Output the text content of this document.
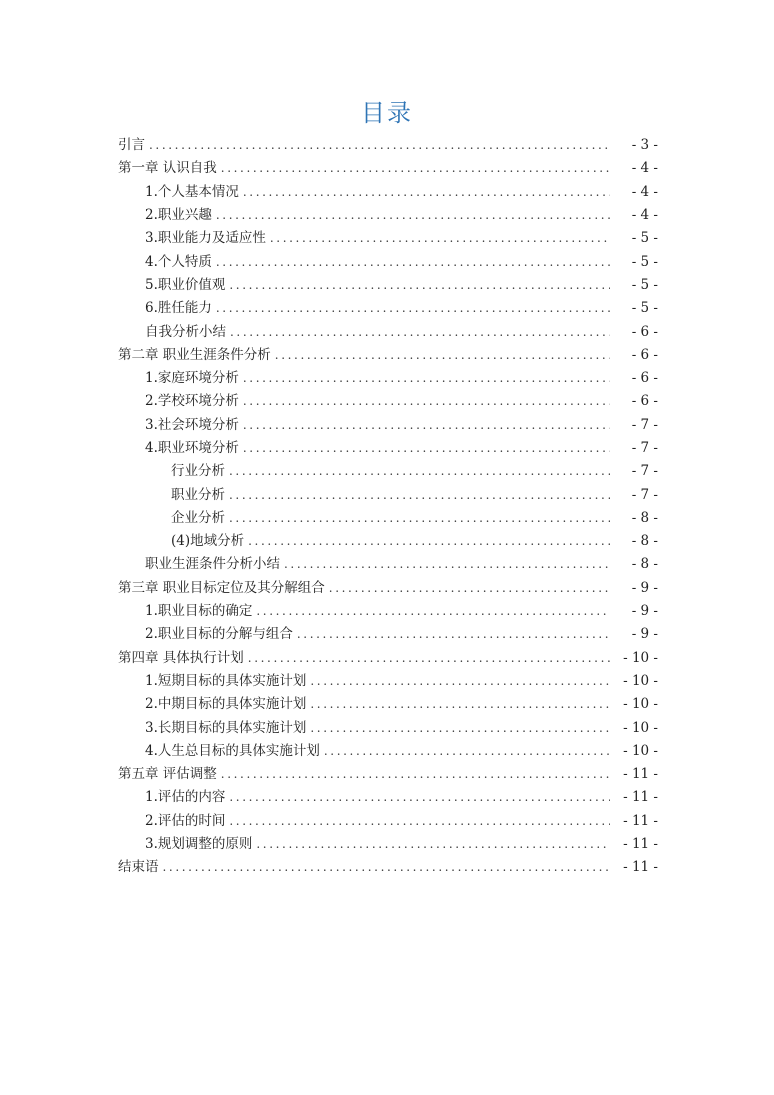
目录
引言 .....	- 3 -
第一章 认识自我 .....	- 4 -
1.个人基本情况 .....	- 4 -
2.职业兴趣 .....	- 4 -
3.职业能力及适应性 .....	- 5 -
4.个人特质 .....	- 5 -
5.职业价值观 .....	- 5 -
6.胜任能力 .....	- 5 -
自我分析小结 .....	- 6 -
第二章 职业生涯条件分析 .....	- 6 -
1.家庭环境分析 .....	- 6 -
2.学校环境分析 .....	- 6 -
3.社会环境分析 .....	- 7 -
4.职业环境分析 .....	- 7 -
行业分析 .....	- 7 -
职业分析 .....	- 7 -
企业分析 .....	- 8 -
(4)地域分析 .....	- 8 -
职业生涯条件分析小结 .....	- 8 -
第三章 职业目标定位及其分解组合 .....	- 9 -
1.职业目标的确定 .....	- 9 -
2.职业目标的分解与组合 .....	- 9 -
第四章 具体执行计划 .....	- 10 -
1.短期目标的具体实施计划 .....	- 10 -
2.中期目标的具体实施计划 .....	- 10 -
3.长期目标的具体实施计划 .....	- 10 -
4.人生总目标的具体实施计划 .....	- 10 -
第五章 评估调整 .....	- 11 -
1.评估的内容 .....	- 11 -
2.评估的时间 .....	- 11 -
3.规划调整的原则 .....	- 11 -
结束语 .....	- 11 -
